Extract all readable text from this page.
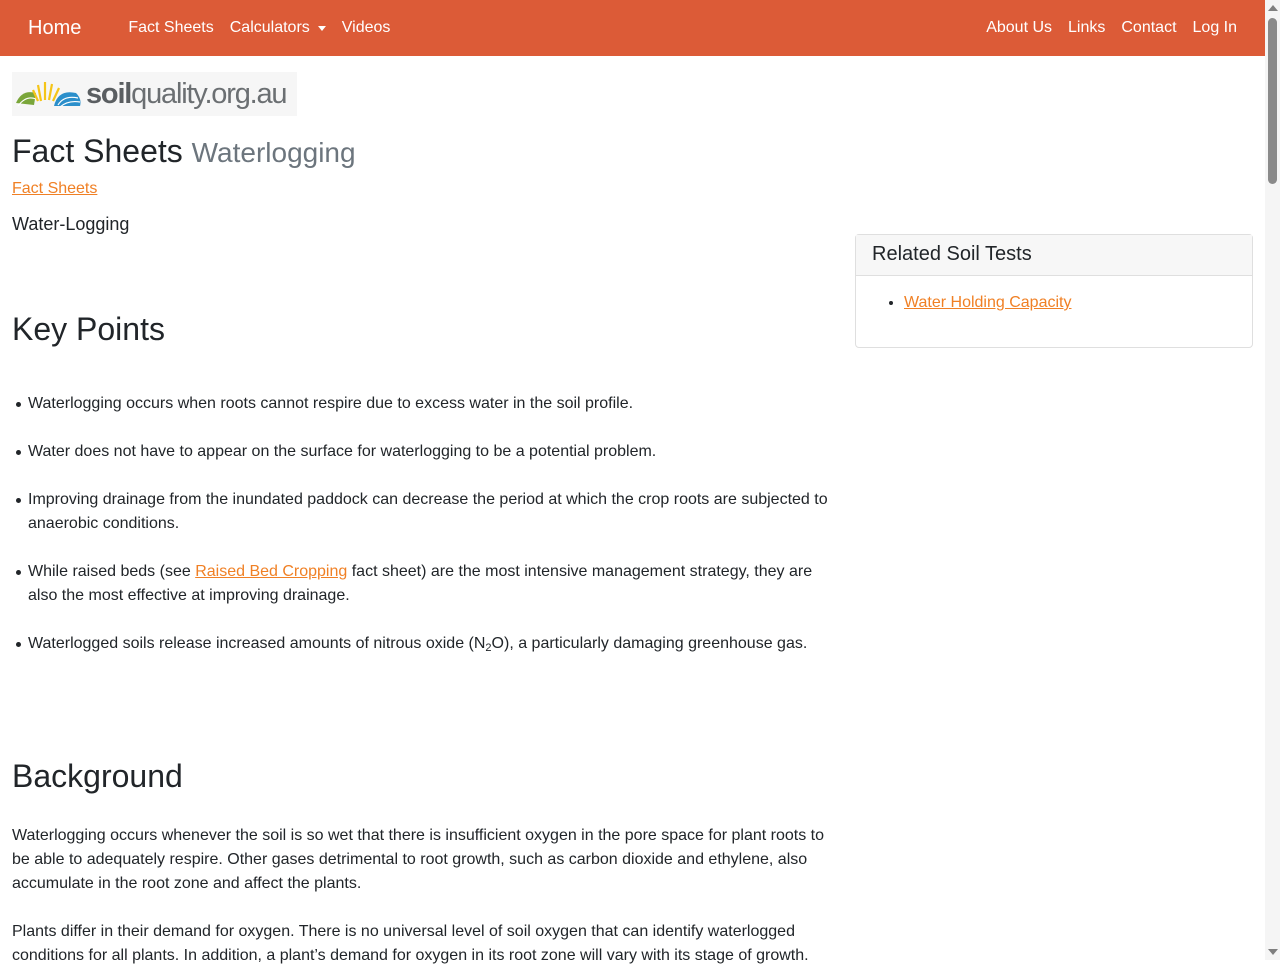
Home	Fact Sheets	Calculators	Videos	About Us	Links	Contact	Log In
soilquality.org.au
Fact Sheets Waterlogging
Fact Sheets
Water-Logging
Key Points
Waterlogging occurs when roots cannot respire due to excess water in the soil profile.
Water does not have to appear on the surface for waterlogging to be a potential problem.
Improving drainage from the inundated paddock can decrease the period at which the crop roots are subjected to anaerobic conditions.
While raised beds (see Raised Bed Cropping fact sheet) are the most intensive management strategy, they are also the most effective at improving drainage.
Waterlogged soils release increased amounts of nitrous oxide $(N_2O)$, a particularly damaging greenhouse gas.
Background

Waterlogging occurs whenever the soil is so wet that there is insufficient oxygen in the pore space for plant roots to be able to adequately respire. Other gases detrimental to root growth, such as carbon dioxide and ethylene, also accumulate in the root zone and affect the plants.

Plants differ in their demand for oxygen. There is no universal level of soil oxygen that can identify waterlogged conditions for all plants. In addition, a plant’s demand for oxygen in its root zone will vary with its stage of growth.

Related Soil Tests
• Water Holding Capacity
